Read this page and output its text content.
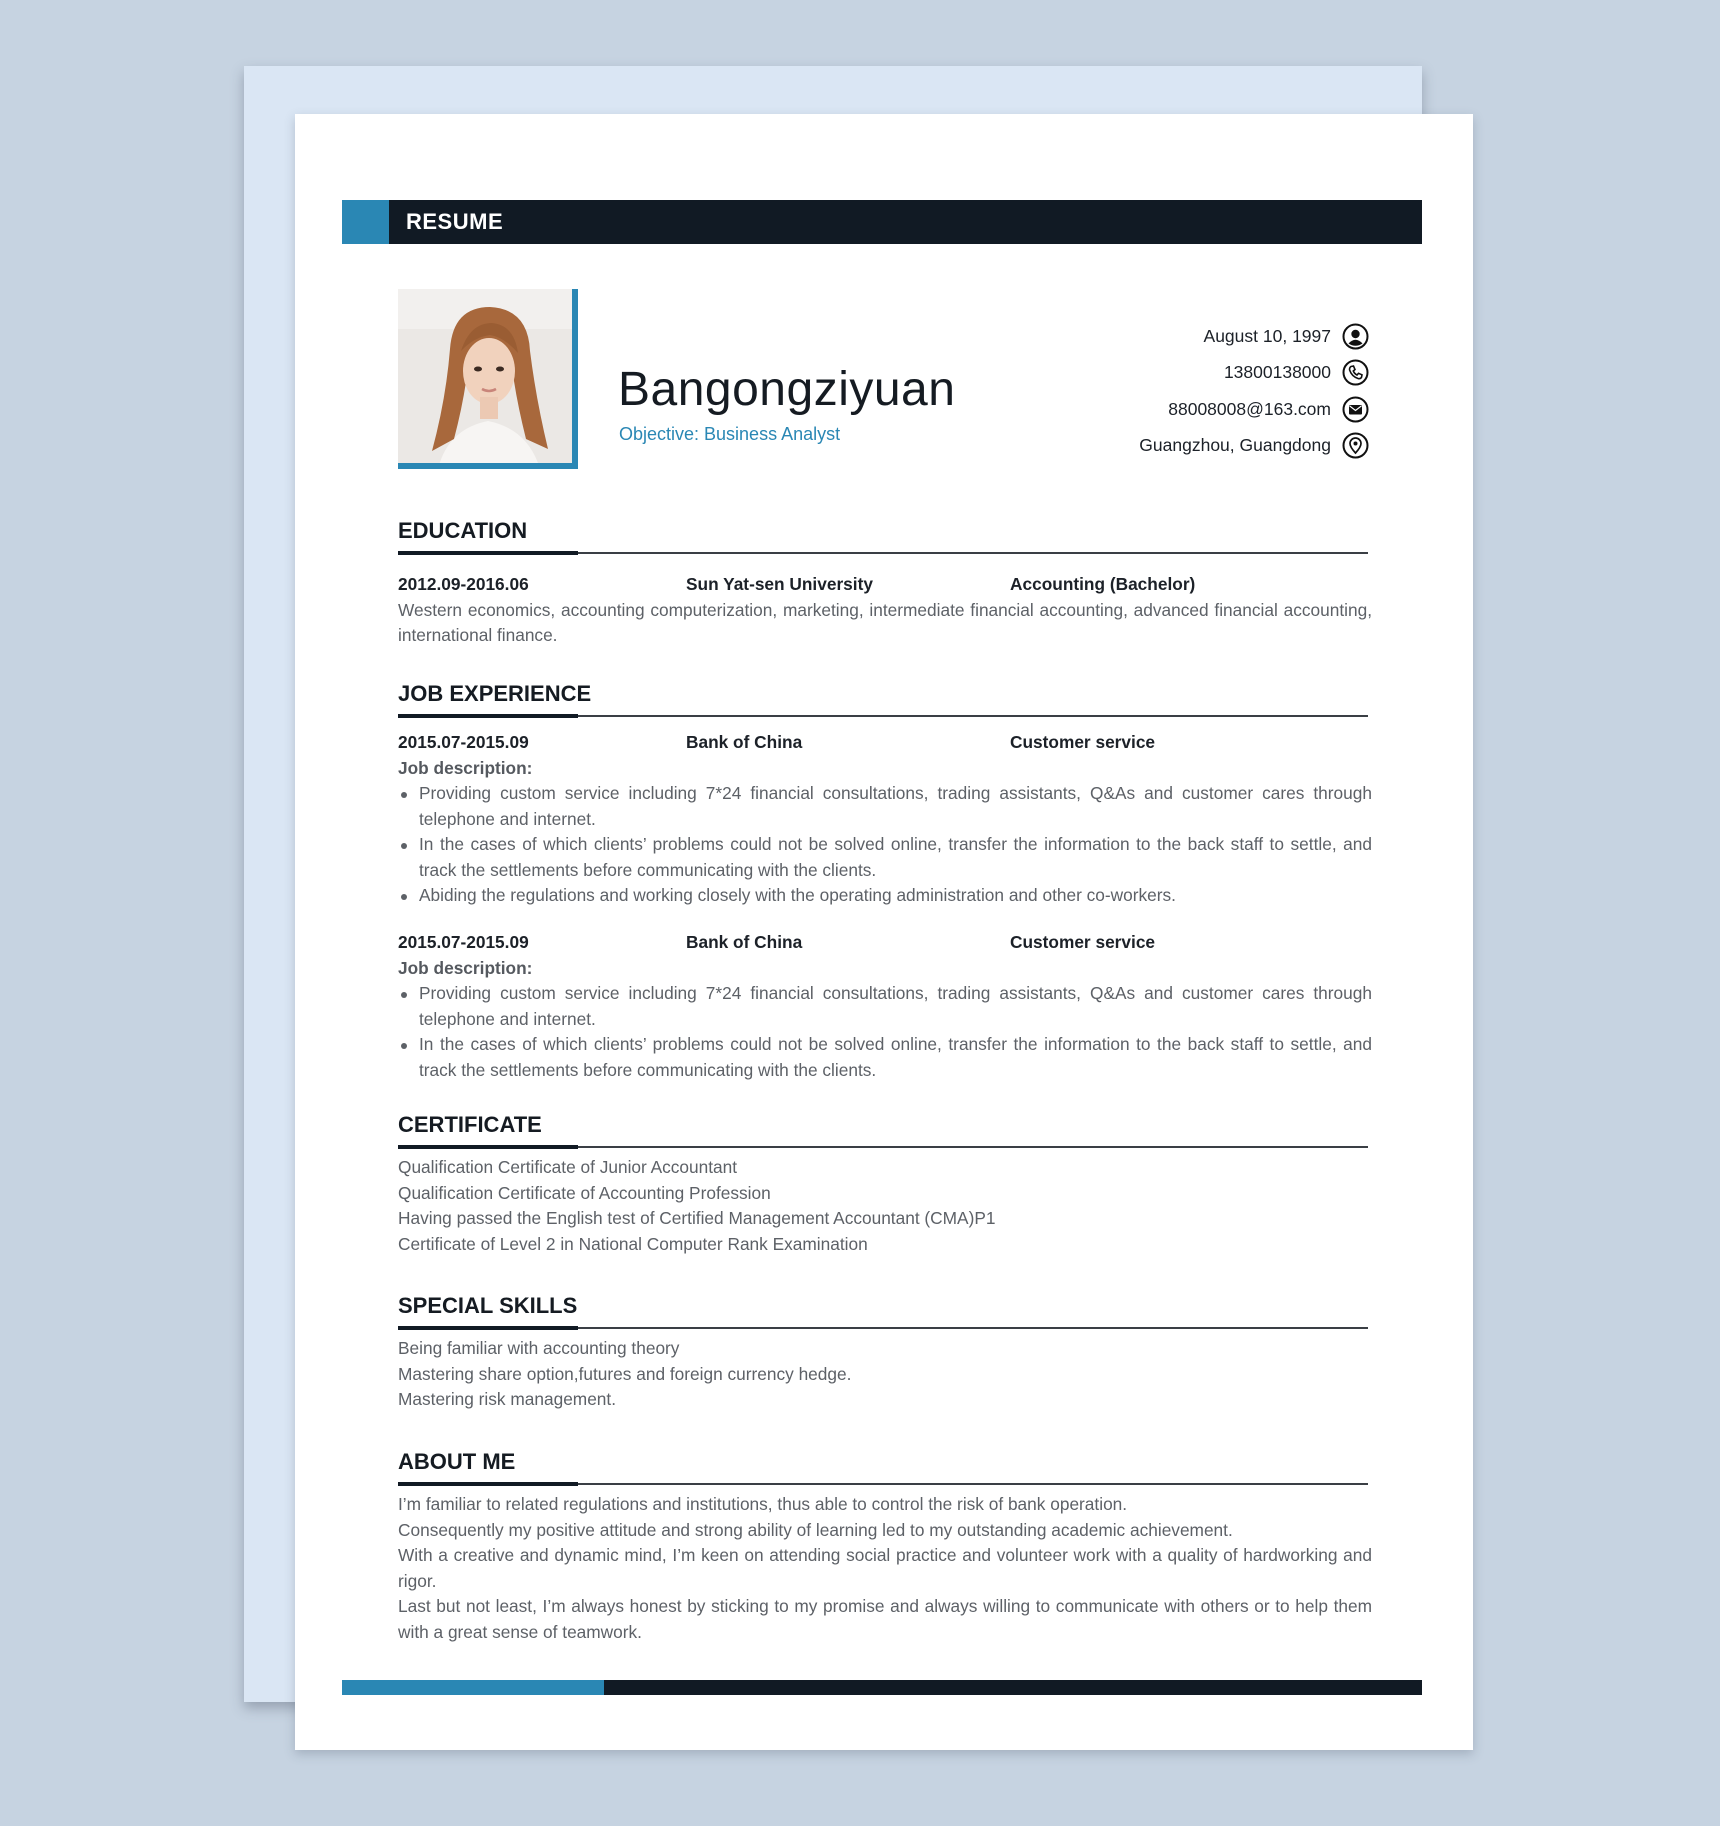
RESUME
Bangongziyuan
Objective: Business Analyst
August 10, 1997
13800138000
88008008@163.com
Guangzhou, Guangdong
EDUCATION
2012.09-2016.06	Sun Yat-sen University	Accounting (Bachelor)
Western economics, accounting computerization, marketing, intermediate financial accounting, advanced financial accounting, international finance.
JOB EXPERIENCE
2015.07-2015.09	Bank of China	Customer service
Job description:
Providing custom service including 7*24 financial consultations, trading assistants, Q&As and customer cares through telephone and internet.
In the cases of which clients’ problems could not be solved online, transfer the information to the back staff to settle, and track the settlements before communicating with the clients.
Abiding the regulations and working closely with the operating administration and other co-workers.
2015.07-2015.09	Bank of China	Customer service
Job description:
Providing custom service including 7*24 financial consultations, trading assistants, Q&As and customer cares through telephone and internet.
In the cases of which clients’ problems could not be solved online, transfer the information to the back staff to settle, and track the settlements before communicating with the clients.
CERTIFICATE
Qualification Certificate of Junior Accountant
Qualification Certificate of Accounting Profession
Having passed the English test of Certified Management Accountant (CMA)P1
Certificate of Level 2 in National Computer Rank Examination
SPECIAL SKILLS
Being familiar with accounting theory
Mastering share option,futures and foreign currency hedge.
Mastering risk management.
ABOUT ME
I’m familiar to related regulations and institutions, thus able to control the risk of bank operation.
Consequently my positive attitude and strong ability of learning led to my outstanding academic achievement.
With a creative and dynamic mind, I’m keen on attending social practice and volunteer work with a quality of hardworking and rigor.
Last but not least, I’m always honest by sticking to my promise and always willing to communicate with others or to help them with a great sense of teamwork.
